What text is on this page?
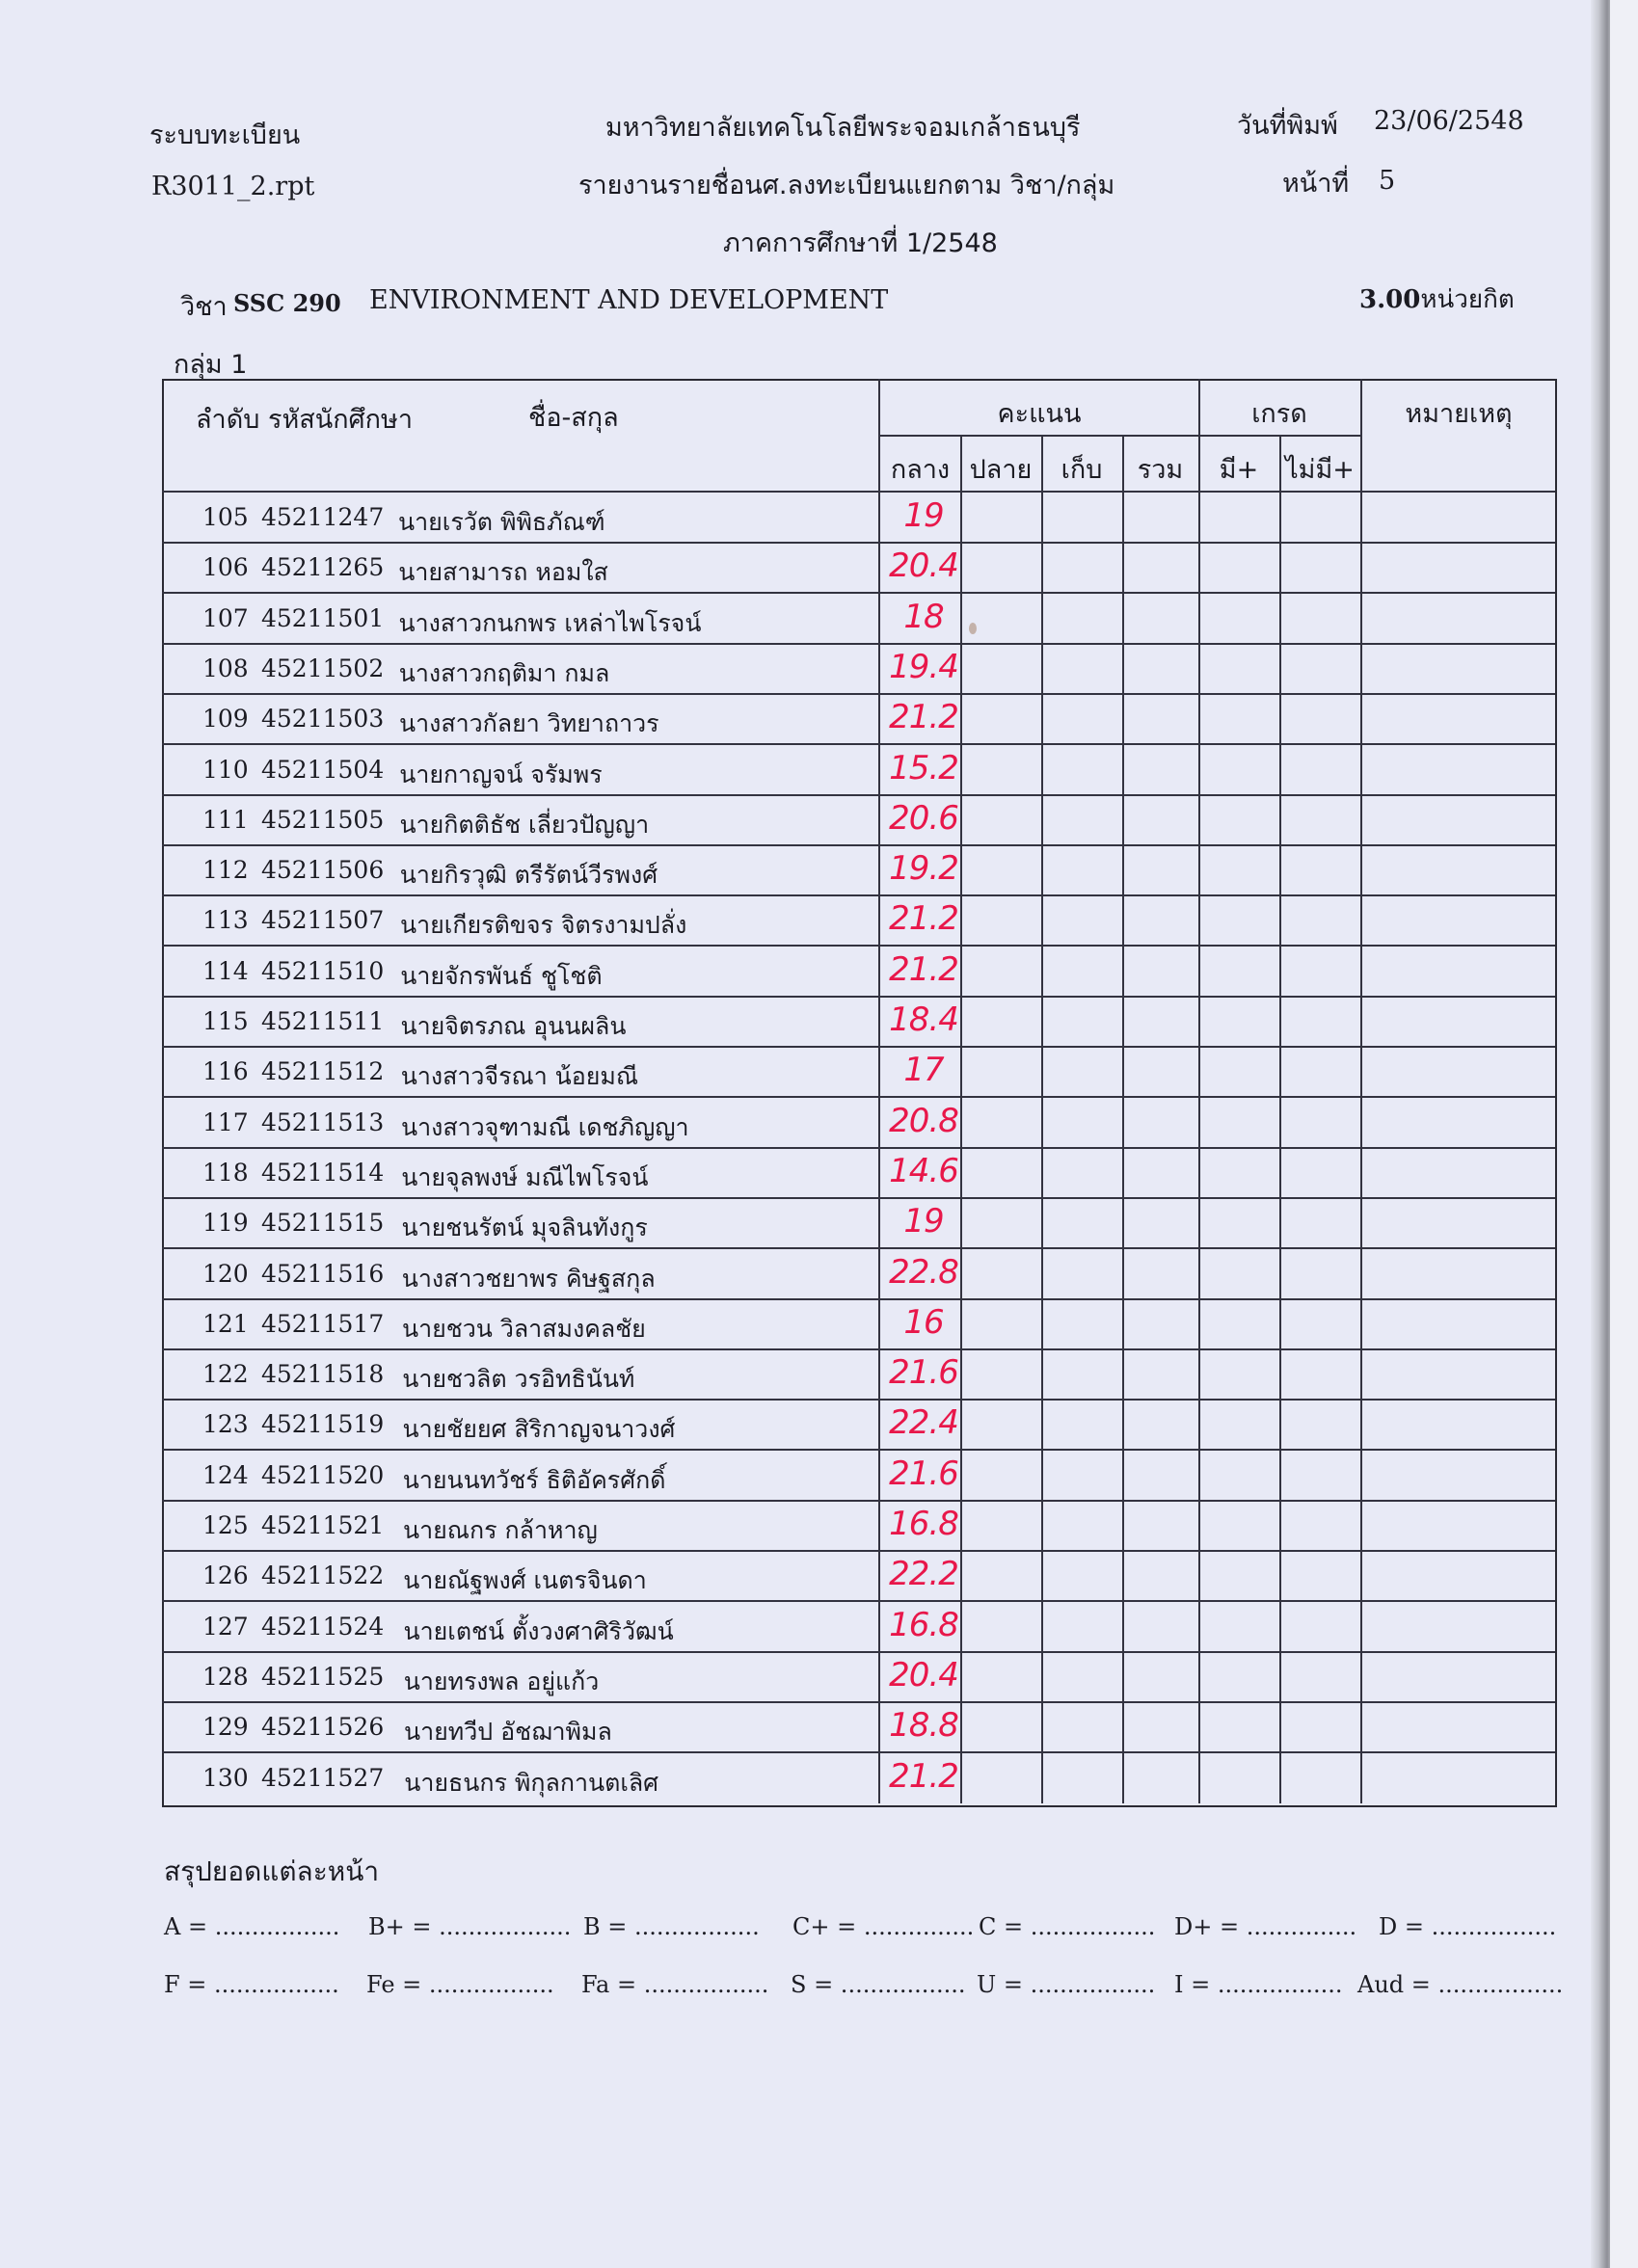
ระบบทะเบียน
R3011_2.rpt
มหาวิทยาลัยเทคโนโลยีพระจอมเกล้าธนบุรี
รายงานรายชื่อนศ.ลงทะเบียนแยกตาม วิชา/กลุ่ม
ภาคการศึกษาที่ 1/2548
วันที่พิมพ์ 23/06/2548
หน้าที่ 5
วิชา SSC 290 ENVIRONMENT AND DEVELOPMENT	3.00หน่วยกิต
กลุ่ม 1
ลำดับ รหัสนักศึกษา	ชื่อ-สกุล	คะแนน	เกรด	หมายเหตุ
กลาง ปลาย	เก็บ	รวม	มี+	ไม่มี+
105 45211247 นายเรวัต พิพิธภัณฑ์	19
106 45211265 นายสามารถ หอมใส	20.4
107 45211501 นางสาวกนกพร เหล่าไพโรจน์	18
108 45211502 นางสาวกฤติมา กมล	19.4
109 45211503 นางสาวกัลยา วิทยาถาวร	21.2
110 45211504 นายกาญจน์ จรัมพร	15.2
111 45211505 นายกิตติธัช เลี่ยวปัญญา	20.6
112 45211506 นายกิรวุฒิ ตรีรัตน์วีรพงศ์	19.2
113 45211507 นายเกียรติขจร จิตรงามปลั่ง	21.2
114 45211510 นายจักรพันธ์ ชูโชติ	21.2
115 45211511 นายจิตรภณ อุนนผลิน	18.4
116 45211512 นางสาวจีรณา น้อยมณี	17
117 45211513 นางสาวจุฑามณี เดชภิญญา	20.8
118 45211514 นายจุลพงษ์ มณีไพโรจน์	14.6
119 45211515 นายชนรัตน์ มุจลินทังกูร	19
120 45211516 นางสาวชยาพร คิษฐสกุล	22.8
121 45211517 นายชวน วิลาสมงคลชัย	16
122 45211518 นายชวลิต วรอิทธินันท์	21.6
123 45211519 นายชัยยศ สิริกาญจนาวงศ์	22.4
124 45211520 นายนนทวัชร์ ธิติอัครศักดิ์	21.6
125 45211521 นายณกร กล้าหาญ	16.8
126 45211522 นายณัฐพงศ์ เนตรจินดา	22.2
127 45211524 นายเตชน์ ตั้งวงศาศิริวัฒน์	16.8
128 45211525 นายทรงพล อยู่แก้ว	20.4
129 45211526 นายทวีป อัชฌาพิมล	18.8
130 45211527 นายธนกร พิกุลกานตเลิศ	21.2
สรุปยอดแต่ละหน้า
A = ................. B+ = .................. B = ................. C+ = ............... C = ................. D+ = ............... D = .................
F = ................. Fe = ................. Fa = ................. S = ................. U = ................. I = ................. Aud = .................
